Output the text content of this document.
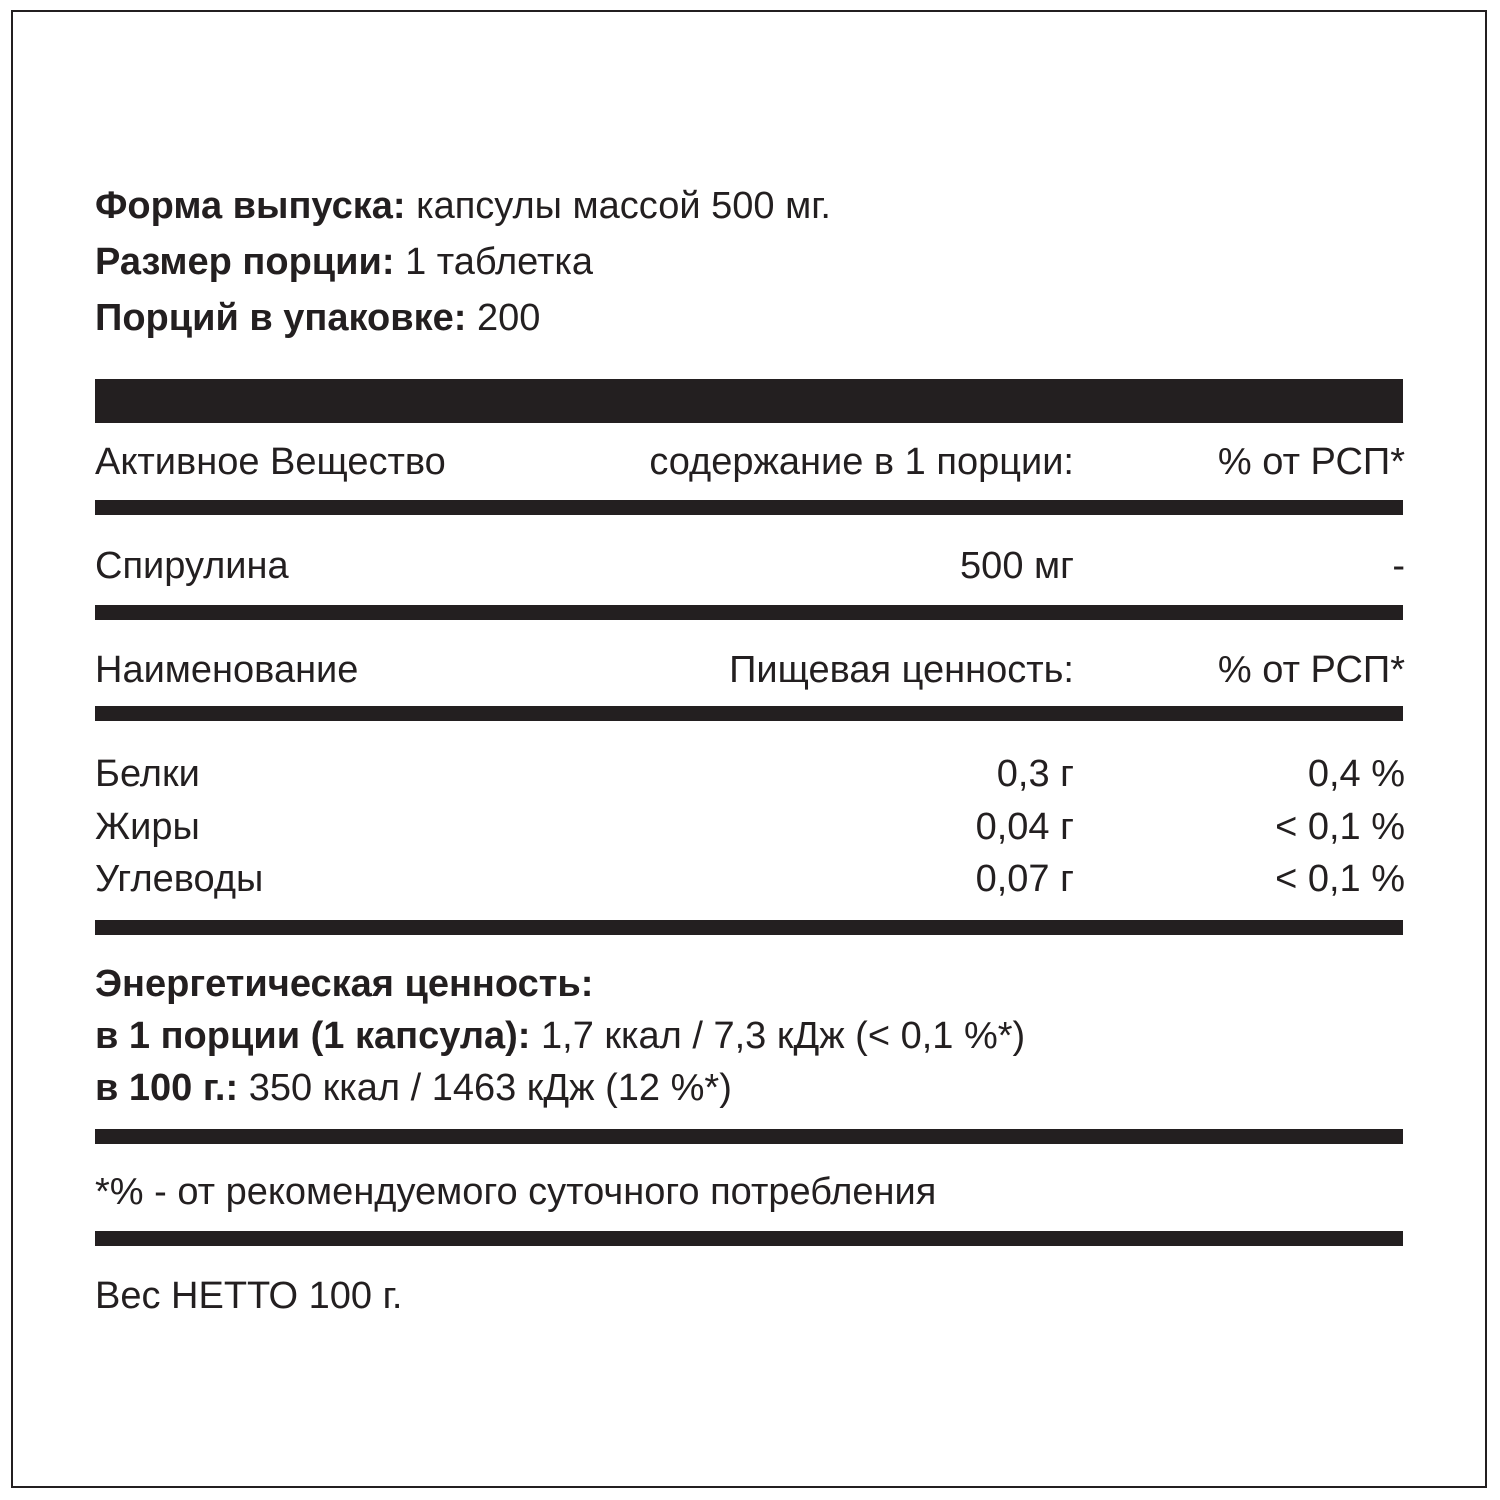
Форма выпуска: капсулы массой 500 мг.
Размер порции: 1 таблетка
Порций в упаковке: 200
Активное Вещество	содержание в 1 порции:	% от РСП*
Спирулина	500 мг	-
Наименование	Пищевая ценность:	% от РСП*
Белки	0,3 г	0,4 %
Жиры	0,04 г	< 0,1 %
Углеводы	0,07 г	< 0,1 %
Энергетическая ценность:
в 1 порции (1 капсула): 1,7 ккал / 7,3 кДж (< 0,1 %*)
в 100 г.: 350 ккал / 1463 кДж (12 %*)
*% - от рекомендуемого суточного потребления
Вес НЕТТО 100 г.
